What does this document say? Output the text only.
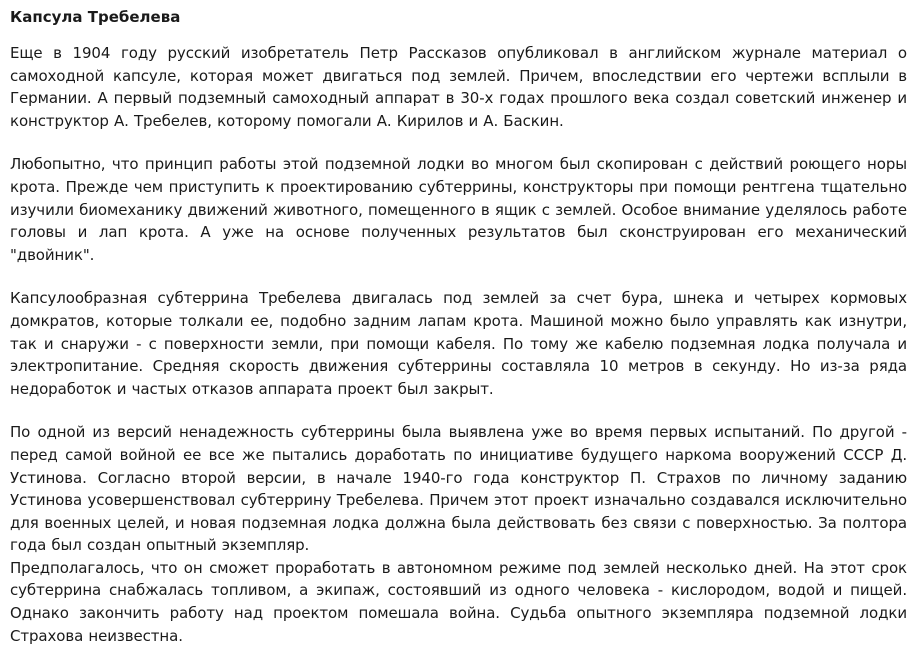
Капсула Требелева

Еще в 1904 году русский изобретатель Петр Рассказов опубликовал в английском журнале материал о самоходной капсуле, которая может двигаться под землей. Причем, впоследствии его чертежи всплыли в Германии. А первый подземный самоходный аппарат в 30-х годах прошлого века создал советский инженер и конструктор А. Требелев, которому помогали А. Кирилов и А. Баскин.

Любопытно, что принцип работы этой подземной лодки во многом был скопирован с действий роющего норы крота. Прежде чем приступить к проектированию субтеррины, конструкторы при помощи рентгена тщательно изучили биомеханику движений животного, помещенного в ящик с землей. Особое внимание уделялось работе головы и лап крота. А уже на основе полученных результатов был сконструирован его механический "двойник".

Капсулообразная субтеррина Требелева двигалась под землей за счет бура, шнека и четырех кормовых домкратов, которые толкали ее, подобно задним лапам крота. Машиной можно было управлять как изнутри, так и снаружи - с поверхности земли, при помощи кабеля. По тому же кабелю подземная лодка получала и электропитание. Средняя скорость движения субтеррины составляла 10 метров в секунду. Но из-за ряда недоработок и частых отказов аппарата проект был закрыт.

По одной из версий ненадежность субтеррины была выявлена уже во время первых испытаний. По другой - перед самой войной ее все же пытались доработать по инициативе будущего наркома вооружений СССР Д. Устинова. Согласно второй версии, в начале 1940-го года конструктор П. Страхов по личному заданию Устинова усовершенствовал субтеррину Требелева. Причем этот проект изначально создавался исключительно для военных целей, и новая подземная лодка должна была действовать без связи с поверхностью. За полтора года был создан опытный экземпляр.

Предполагалось, что он сможет проработать в автономном режиме под землей несколько дней. На этот срок субтеррина снабжалась топливом, а экипаж, состоявший из одного человека - кислородом, водой и пищей. Однако закончить работу над проектом помешала война. Судьба опытного экземпляра подземной лодки Страхова неизвестна.
